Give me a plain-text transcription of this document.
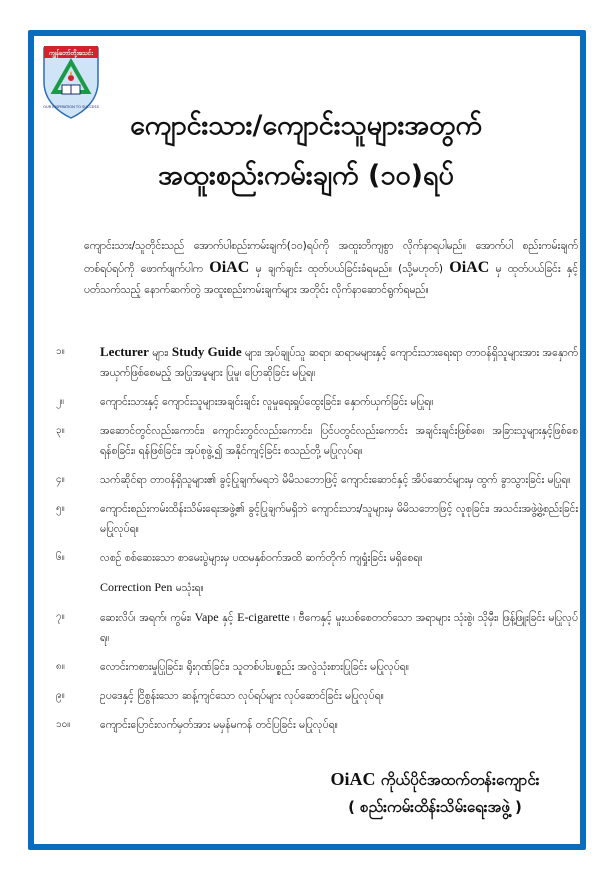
ကျွန်တော်တို့အသင်း
OUR INSPIRATION TO SUCCESS
ကျောင်းသား/ကျောင်းသူများအတွက်
အထူးစည်းကမ်းချက် (၁၀)ရပ်

ကျောင်းသား/သူတိုင်းသည် အောက်ပါစည်းကမ်းချက်(၁၀)ရပ်ကို အထူးတိကျစွာ လိုက်နာရပါမည်။ အောက်ပါ စည်းကမ်းချက် တစ်ရပ်ရပ်ကို ဖောက်ဖျက်ပါက OiAC မှ ချက်ချင်း ထုတ်ပယ်ခြင်းခံရမည်။ (သို့မဟုတ်) OiAC မှ ထုတ်ပယ်ခြင်း နှင့် ပတ်သက်သည့် နောက်ဆက်တွဲ အထူးစည်းကမ်းချက်များ အတိုင်း လိုက်နာဆောင်ရွက်ရမည်။

၁။	Lecturer များ၊ Study Guide များ၊ အုပ်ချုပ်သူ ဆရာ၊ ဆရာမများနှင့် ကျောင်းသားရေးရာ တာဝန်ရှိသူများအား အနှောက်အယှက်ဖြစ်စေမည့် အပြုအမူများ ပြုမူ၊ ပြောဆိုခြင်း မပြုရ။
၂။	ကျောင်းသားနှင့် ကျောင်းသူများအချင်းချင်း လူမှုရေးရှုပ်ထွေးခြင်း၊ နှောက်ယှက်ခြင်း မပြုရ။
၃။	အဆောင်တွင်လည်းကောင်း၊ ကျောင်းတွင်လည်းကောင်း၊ ပြင်ပတွင်လည်းကောင်း အချင်းချင်းဖြစ်စေ၊ အခြားသူများနှင့်ဖြစ်စေ ရန်စခြင်း၊ ရန်ဖြစ်ခြင်း၊ အုပ်စုဖွဲ့၍ အနိုင်ကျင့်ခြင်း စသည်တို့ မပြုလုပ်ရ။
၄။	သက်ဆိုင်ရာ တာဝန်ရှိသူများ၏ ခွင့်ပြုချက်မရဘဲ မိမိသဘောဖြင့် ကျောင်းဆောင်နှင့် အိပ်ဆောင်များမှ ထွက် ခွာသွားခြင်း မပြုရ။
၅။	ကျောင်းစည်းကမ်းထိန်းသိမ်းရေးအဖွဲ့၏ ခွင့်ပြုချက်မရှိဘဲ ကျောင်းသား/သူများမှ မိမိသဘောဖြင့် လူစုခြင်း၊ အသင်းအဖွဲ့ဖွဲ့စည်းခြင်း မပြုလုပ်ရ။
၆။	လစဉ် စစ်ဆေးသော စာမေးပွဲများမှ ပထမနှစ်ဝက်အထိ ဆက်တိုက် ကျရှုံးခြင်း မရှိစေရ။
Correction Pen မသုံးရ။
၇။	ဆေးလိပ်၊ အရက်၊ ကွမ်း၊ Vape နှင့် E-cigarette ၊ ဗီကေနှင့် မူးယစ်စေတတ်သော အရာများ သုံးစွဲ၊ သိုမှီး၊ ဖြန့်ဖြူးခြင်း မပြုလုပ်ရ။
၈။	လောင်းကစားမှုပြုခြင်း၊ ရိုးဂုဏ်ခြင်း၊ သူတစ်ပါးပစ္စည်း အလွဲသုံးစားပြုခြင်း မပြုလုပ်ရ။
၉။	ဥပဒေနှင့် ငြိစွန်းသော ဆန့်ကျင်သော လုပ်ရပ်များ လုပ်ဆောင်ခြင်း မပြုလုပ်ရ။
၁၀။	ကျောင်းပြောင်းလက်မှတ်အား မမှန်မကန် တင်ပြခြင်း မပြုလုပ်ရ။
OiAC ကိုယ်ပိုင်အထက်တန်းကျောင်း
( စည်းကမ်းထိန်းသိမ်းရေးအဖွဲ့ )
